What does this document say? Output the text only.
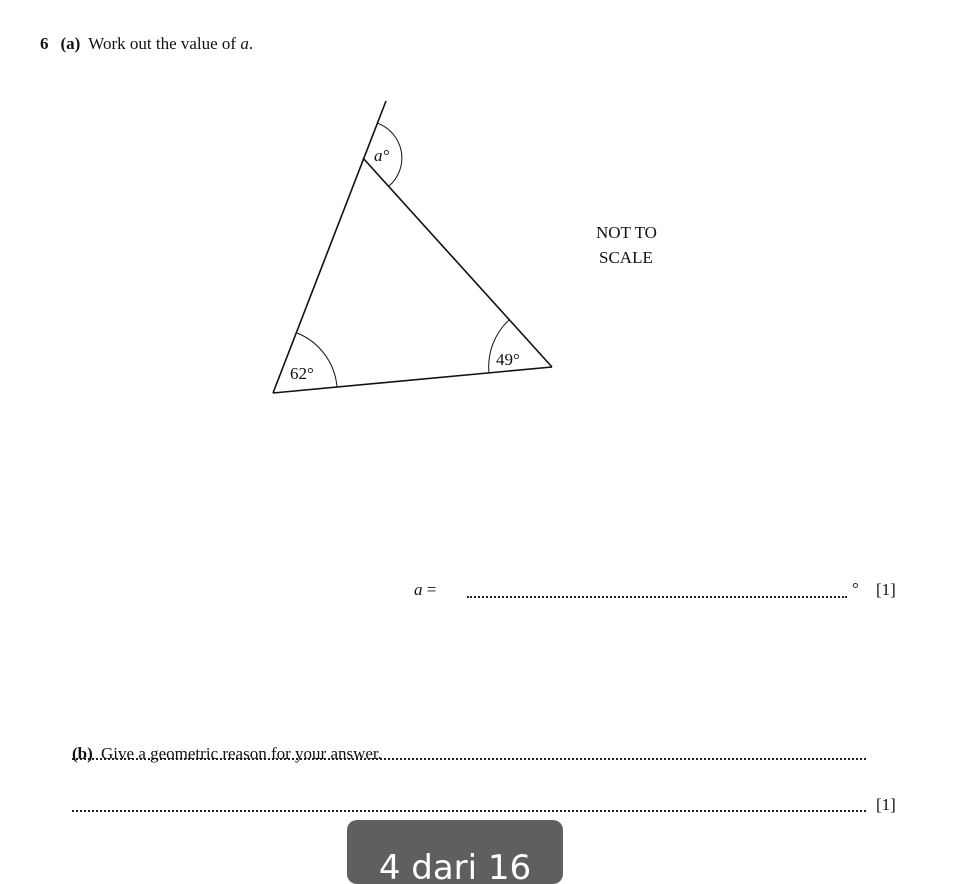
6 (a) Work out the value of a.
a°
62°
49°
NOT TO
SCALE
a =	° [1]
(b) Give a geometric reason for your answer.
[1]
4 dari 16
